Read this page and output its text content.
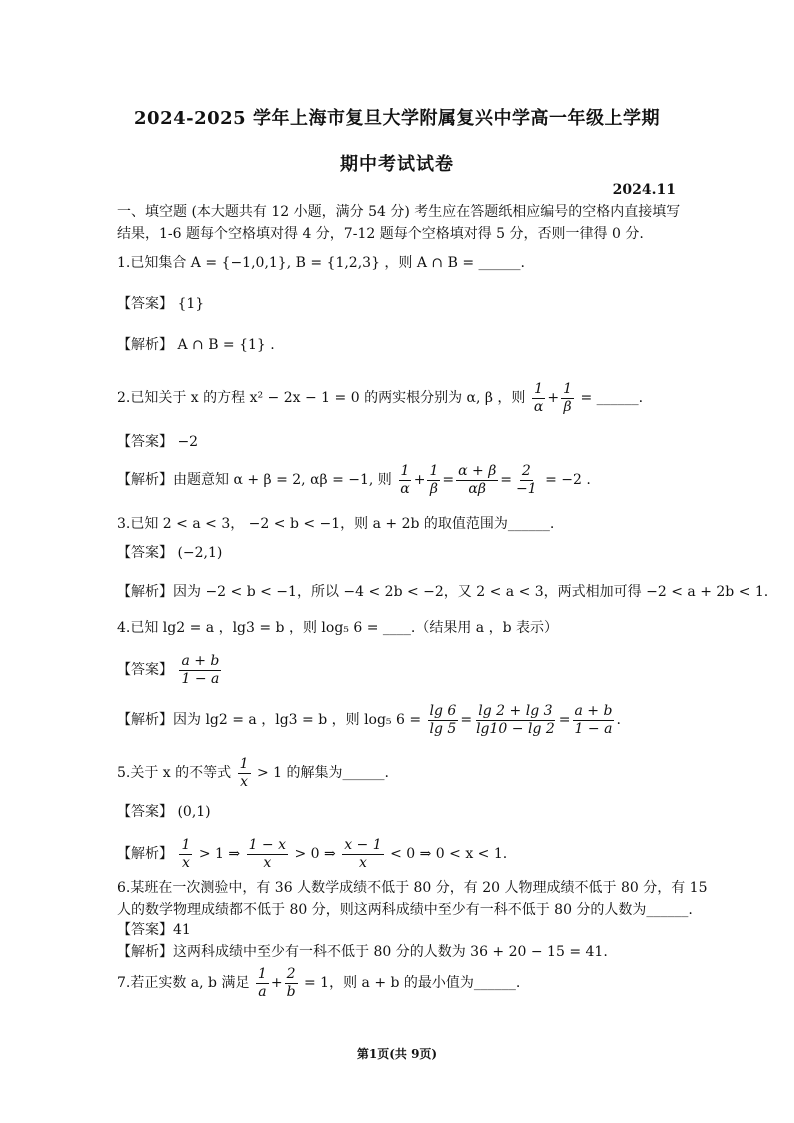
2024-2025 学年上海市复旦大学附属复兴中学高一年级上学期
期中考试试卷
2024.11
一、填空题 (本大题共有 12 小题，满分 54 分) 考生应在答题纸相应编号的空格内直接填写
结果，1-6 题每个空格填对得 4 分，7-12 题每个空格填对得 5 分，否则一律得 0 分.
1.已知集合 A = {−1,0,1}, B = {1,2,3} ，则 A ∩ B = ______.
【答案】 {1}
【解析】 A ∩ B = {1} .
2.已知关于 x 的方程 x² − 2x − 1 = 0 的两实根分别为 α, β ，则 $\frac{1}{\alpha} + \frac{1}{\beta}$ = ______.
【答案】 −2
【解析】由题意知 α + β = 2, αβ = −1, 则 $\frac{1}{\alpha} + \frac{1}{\beta} = \frac{\alpha + \beta}{\alpha\beta} = \frac{2}{-1} = -2$ .
3.已知 2 < a < 3， −2 < b < −1，则 a + 2b 的取值范围为______.
【答案】 (−2,1)
【解析】因为 −2 < b < −1，所以 −4 < 2b < −2，又 2 < a < 3，两式相加可得 −2 < a + 2b < 1.
4.已知 lg2 = a ，lg3 = b ，则 log₅ 6 = ____.（结果用 a ，b 表示）
【答案】 $\frac{a + b}{1 - a}$
【解析】因为 lg2 = a ，lg3 = b ，则 log₅ $6 = \frac{\lg 6}{\lg 5} = \frac{\lg 2 + \lg 3}{\lg 10 - \lg 2} = \frac{a + b}{1 - a}$ .
5.关于 x 的不等式 $\frac{1}{x} > 1$ 的解集为______.
【答案】 (0,1)
【解析】 $\frac{1}{x} > 1$ ⇒ $\frac{1 - x}{x} > 0$ ⇒ $\frac{x - 1}{x} < 0$ ⇒ 0 < x < 1.
6.某班在一次测验中，有 36 人数学成绩不低于 80 分，有 20 人物理成绩不低于 80 分，有 15
人的数学物理成绩都不低于 80 分，则这两科成绩中至少有一科不低于 80 分的人数为______.
【答案】41
【解析】这两科成绩中至少有一科不低于 80 分的人数为 36 + 20 − 15 = 41.
7.若正实数 a, b 满足 $\frac{1}{a} + \frac{2}{b} = 1$，则 a + b 的最小值为______.
第1页(共 9页)
